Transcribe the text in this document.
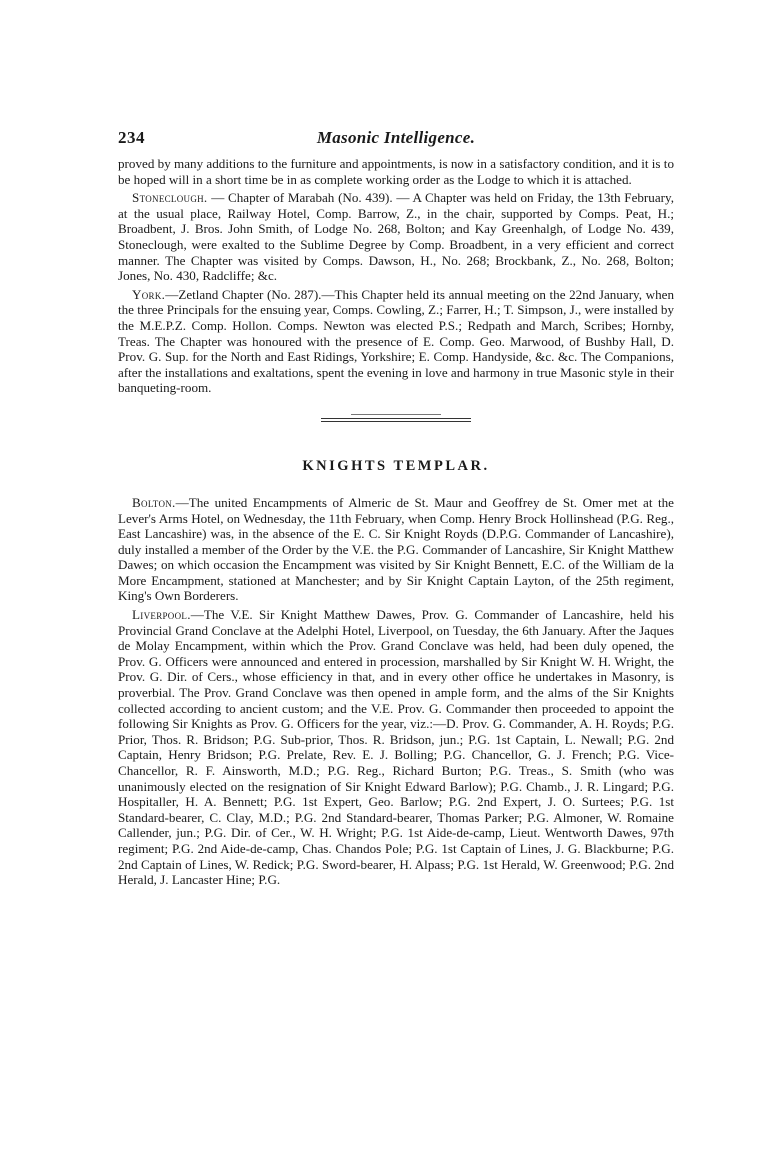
234	Masonic Intelligence.

proved by many additions to the furniture and appointments, is now in a satisfactory condition, and it is to be hoped will in a short time be in as complete working order as the Lodge to which it is attached.

Stoneclough. — Chapter of Marabah (No. 439). — A Chapter was held on Friday, the 13th February, at the usual place, Railway Hotel, Comp. Barrow, Z., in the chair, supported by Comps. Peat, H.; Broadbent, J. Bros. John Smith, of Lodge No. 268, Bolton; and Kay Greenhalgh, of Lodge No. 439, Stoneclough, were exalted to the Sublime Degree by Comp. Broadbent, in a very efficient and correct manner. The Chapter was visited by Comps. Dawson, H., No. 268; Brockbank, Z., No. 268, Bolton; Jones, No. 430, Radcliffe; &c.

York.—Zetland Chapter (No. 287).—This Chapter held its annual meeting on the 22nd January, when the three Principals for the ensuing year, Comps. Cowling, Z.; Farrer, H.; T. Simpson, J., were installed by the M.E.P.Z. Comp. Hollon. Comps. Newton was elected P.S.; Redpath and March, Scribes; Hornby, Treas. The Chapter was honoured with the presence of E. Comp. Geo. Marwood, of Bushby Hall, D. Prov. G. Sup. for the North and East Ridings, Yorkshire; E. Comp. Handyside, &c. &c. The Companions, after the installations and exaltations, spent the evening in love and harmony in true Masonic style in their banqueting-room.

KNIGHTS TEMPLAR.

Bolton.—The united Encampments of Almeric de St. Maur and Geoffrey de St. Omer met at the Lever's Arms Hotel, on Wednesday, the 11th February, when Comp. Henry Brock Hollinshead (P.G. Reg., East Lancashire) was, in the absence of the E. C. Sir Knight Royds (D.P.G. Commander of Lancashire), duly installed a member of the Order by the V.E. the P.G. Commander of Lancashire, Sir Knight Matthew Dawes; on which occasion the Encampment was visited by Sir Knight Bennett, E.C. of the William de la More Encampment, stationed at Manchester; and by Sir Knight Captain Layton, of the 25th regiment, King's Own Borderers.

Liverpool.—The V.E. Sir Knight Matthew Dawes, Prov. G. Commander of Lancashire, held his Provincial Grand Conclave at the Adelphi Hotel, Liverpool, on Tuesday, the 6th January. After the Jaques de Molay Encampment, within which the Prov. Grand Conclave was held, had been duly opened, the Prov. G. Officers were announced and entered in procession, marshalled by Sir Knight W. H. Wright, the Prov. G. Dir. of Cers., whose efficiency in that, and in every other office he undertakes in Masonry, is proverbial. The Prov. Grand Conclave was then opened in ample form, and the alms of the Sir Knights collected according to ancient custom; and the V.E. Prov. G. Commander then proceeded to appoint the following Sir Knights as Prov. G. Officers for the year, viz.:—D. Prov. G. Commander, A. H. Royds; P.G. Prior, Thos. R. Bridson; P.G. Sub-prior, Thos. R. Bridson, jun.; P.G. 1st Captain, L. Newall; P.G. 2nd Captain, Henry Bridson; P.G. Prelate, Rev. E. J. Bolling; P.G. Chancellor, G. J. French; P.G. Vice-Chancellor, R. F. Ainsworth, M.D.; P.G. Reg., Richard Burton; P.G. Treas., S. Smith (who was unanimously elected on the resignation of Sir Knight Edward Barlow); P.G. Chamb., J. R. Lingard; P.G. Hospitaller, H. A. Bennett; P.G. 1st Expert, Geo. Barlow; P.G. 2nd Expert, J. O. Surtees; P.G. 1st Standard-bearer, C. Clay, M.D.; P.G. 2nd Standard-bearer, Thomas Parker; P.G. Almoner, W. Romaine Callender, jun.; P.G. Dir. of Cer., W. H. Wright; P.G. 1st Aide-de-camp, Lieut. Wentworth Dawes, 97th regiment; P.G. 2nd Aide-de-camp, Chas. Chandos Pole; P.G. 1st Captain of Lines, J. G. Blackburne; P.G. 2nd Captain of Lines, W. Redick; P.G. Sword-bearer, H. Alpass; P.G. 1st Herald, W. Greenwood; P.G. 2nd Herald, J. Lancaster Hine; P.G.
